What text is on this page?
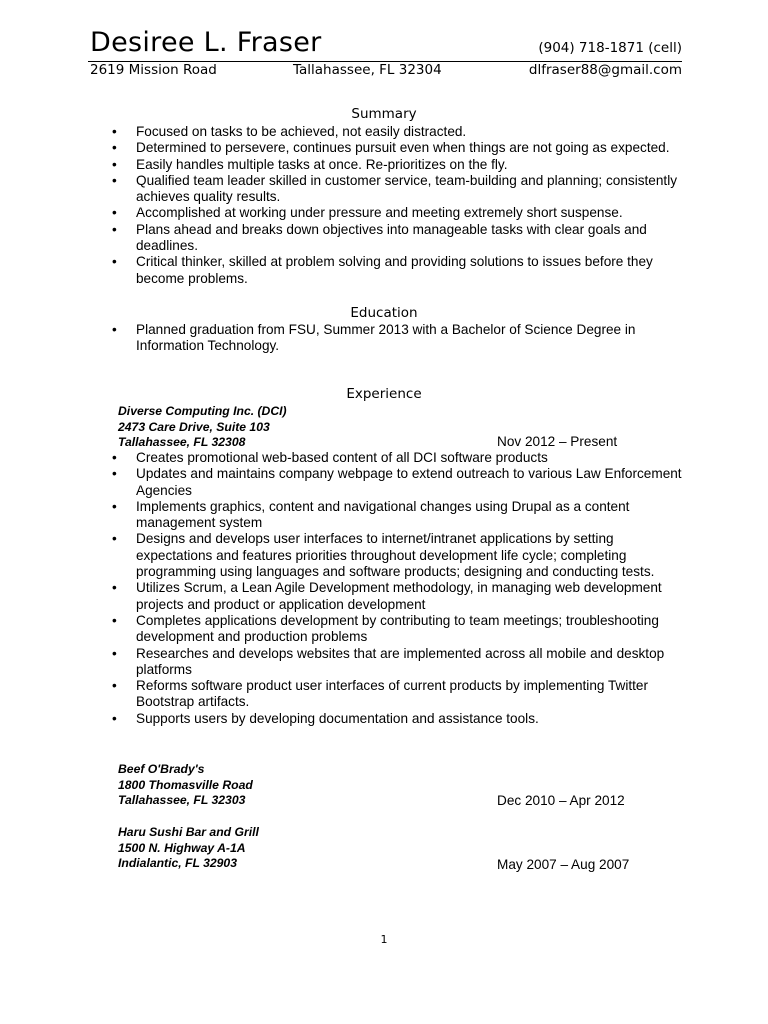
Desiree L. Fraser	(904) 718-1871 (cell)
2619 Mission Road	Tallahassee, FL 32304	dlfraser88@gmail.com
Summary
• Focused on tasks to be achieved, not easily distracted.
• Determined to persevere, continues pursuit even when things are not going as expected.
• Easily handles multiple tasks at once. Re-prioritizes on the fly.
• Qualified team leader skilled in customer service, team-building and planning; consistently achieves quality results.
• Accomplished at working under pressure and meeting extremely short suspense.
• Plans ahead and breaks down objectives into manageable tasks with clear goals and deadlines.
• Critical thinker, skilled at problem solving and providing solutions to issues before they become problems.
Education
• Planned graduation from FSU, Summer 2013 with a Bachelor of Science Degree in Information Technology.
Experience
Diverse Computing Inc. (DCI)
2473 Care Drive, Suite 103
Tallahassee, FL 32308	Nov 2012 – Present
• Creates promotional web-based content of all DCI software products
• Updates and maintains company webpage to extend outreach to various Law Enforcement Agencies
• Implements graphics, content and navigational changes using Drupal as a content management system
• Designs and develops user interfaces to internet/intranet applications by setting expectations and features priorities throughout development life cycle; completing programming using languages and software products; designing and conducting tests.
• Utilizes Scrum, a Lean Agile Development methodology, in managing web development projects and product or application development
• Completes applications development by contributing to team meetings; troubleshooting development and production problems
• Researches and develops websites that are implemented across all mobile and desktop platforms
• Reforms software product user interfaces of current products by implementing Twitter Bootstrap artifacts.
• Supports users by developing documentation and assistance tools.
Beef O'Brady's
1800 Thomasville Road
Tallahassee, FL 32303	Dec 2010 – Apr 2012
Haru Sushi Bar and Grill
1500 N. Highway A-1A
Indialantic, FL 32903	May 2007 – Aug 2007
1
